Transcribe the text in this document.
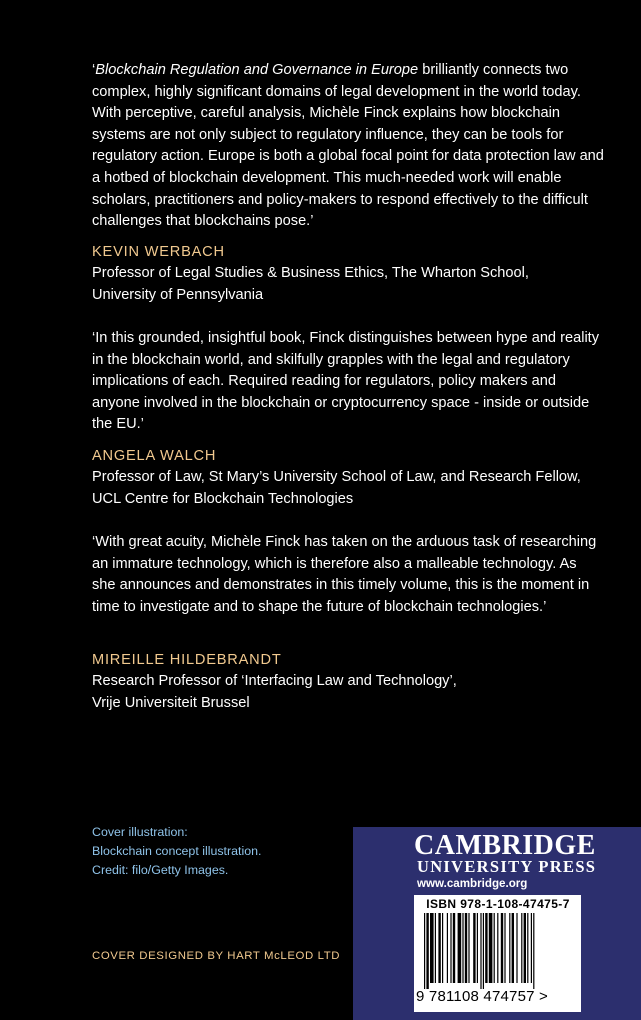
‘Blockchain Regulation and Governance in Europe brilliantly connects two complex, highly significant domains of legal development in the world today. With perceptive, careful analysis, Michèle Finck explains how blockchain systems are not only subject to regulatory influence, they can be tools for regulatory action. Europe is both a global focal point for data protection law and a hotbed of blockchain development. This much-needed work will enable scholars, practitioners and policy-makers to respond effectively to the difficult challenges that blockchains pose.’
KEVIN WERBACH
Professor of Legal Studies & Business Ethics, The Wharton School,
University of Pennsylvania
‘In this grounded, insightful book, Finck distinguishes between hype and reality in the blockchain world, and skilfully grapples with the legal and regulatory implications of each. Required reading for regulators, policy makers and anyone involved in the blockchain or cryptocurrency space - inside or outside the EU.’
ANGELA WALCH
Professor of Law, St Mary’s University School of Law, and Research Fellow,
UCL Centre for Blockchain Technologies
‘With great acuity, Michèle Finck has taken on the arduous task of researching an immature technology, which is therefore also a malleable technology. As she announces and demonstrates in this timely volume, this is the moment in time to investigate and to shape the future of blockchain technologies.’
MIREILLE HILDEBRANDT
Research Professor of ‘Interfacing Law and Technology’,
Vrije Universiteit Brussel
Cover illustration:
Blockchain concept illustration.
Credit: filo/Getty Images.
COVER DESIGNED BY HART McLEOD LTD
CAMBRIDGE
UNIVERSITY PRESS
www.cambridge.org
ISBN 978-1-108-47475-7
9 781108 474757 >
